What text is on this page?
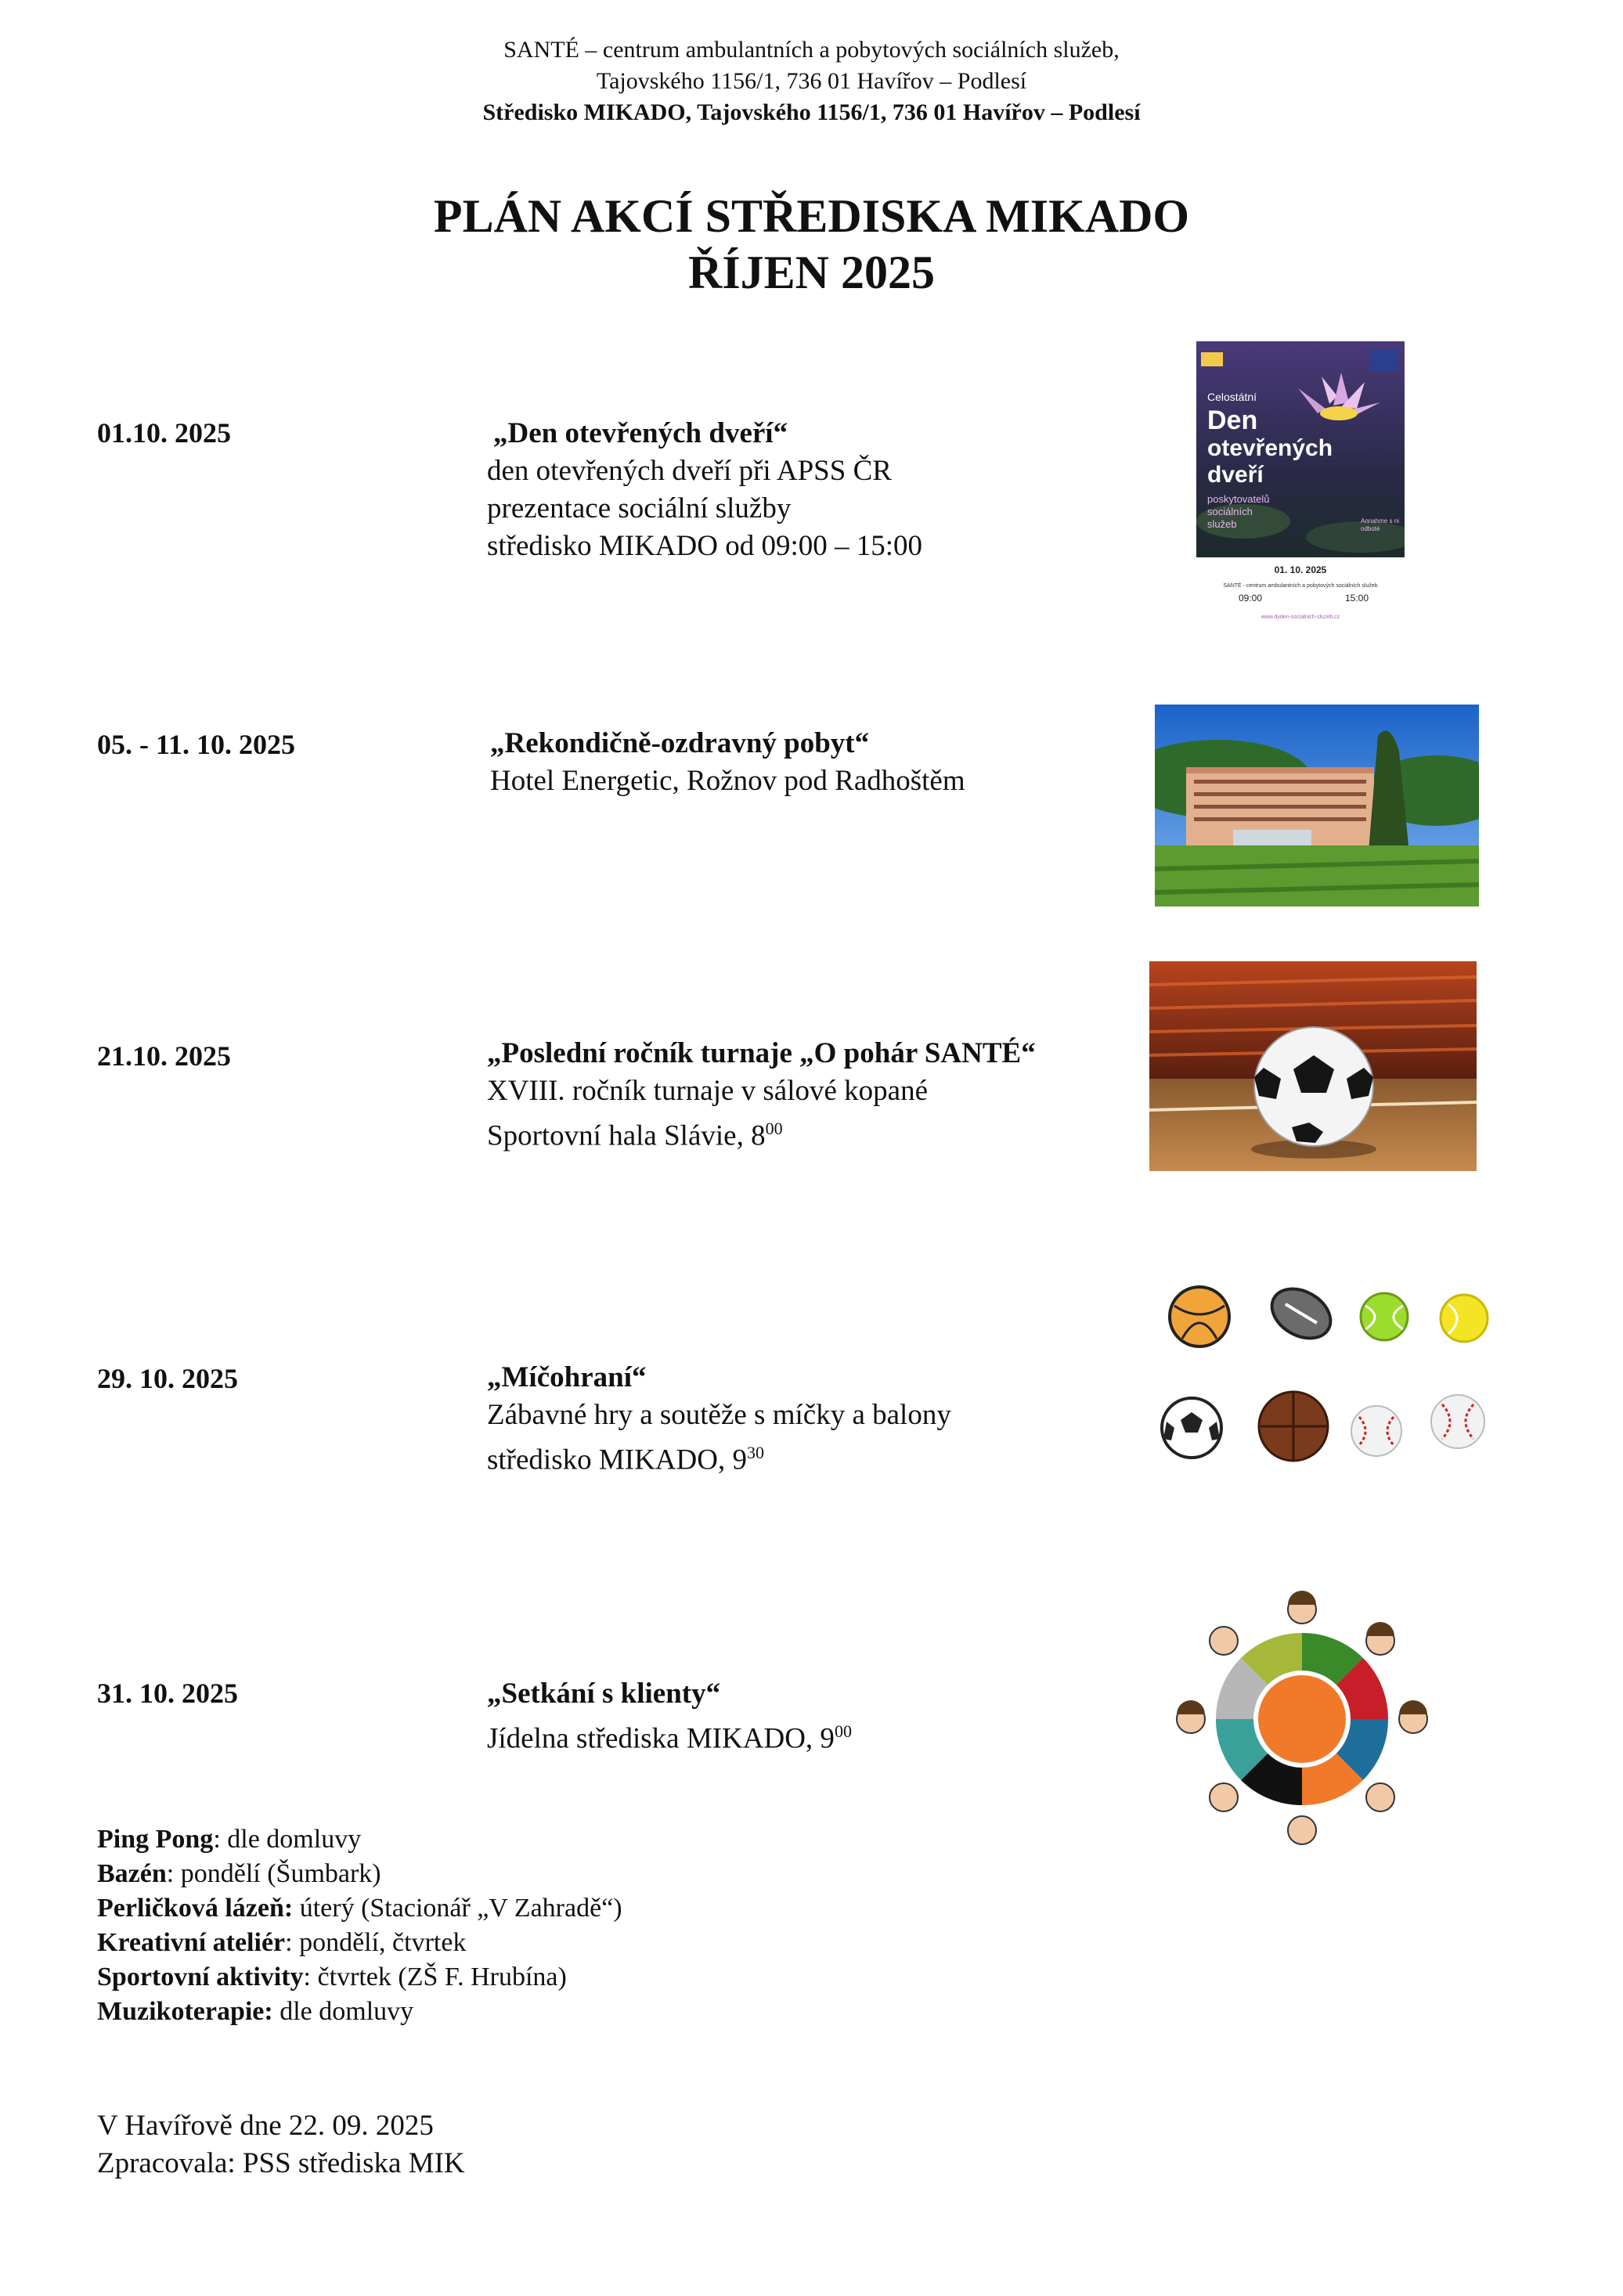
SANTÉ – centrum ambulantních a pobytových sociálních služeb,
Tajovského 1156/1, 736 01 Havířov – Podlesí
Středisko MIKADO, Tajovského 1156/1, 736 01 Havířov – Podlesí
PLÁN AKCÍ STŘEDISKA MIKADO
ŘÍJEN 2025
01.10. 2025	„Den otevřených dveří“
den otevřených dveří při APSS ČR
prezentace sociální služby
středisko MIKADO od 09:00 – 15:00
05. - 11. 10. 2025	„Rekondičně-ozdravný pobyt“
Hotel Energetic, Rožnov pod Radhoštěm
21.10. 2025	„Poslední ročník turnaje „O pohár SANTÉ“
XVIII. ročník turnaje v sálové kopané
Sportovní hala Slávie, $8^{00}$
29. 10. 2025	„Míčohraní“
Zábavné hry a soutěže s míčky a balony
středisko MIKADO, $9^{30}$
31. 10. 2025	„Setkání s klienty“
Jídelna střediska MIKADO, $9^{00}$
Celostátní
Den
otevřených
dveří
poskytovatelů
sociálních
služeb	Annahme s ni
odboté
01. 10. 2025
SANTÉ - centrum ambulantních a pobytových sociálních služeb
09:00	15:00
www.dyden-socialnich-sluzeb.cz
Ping Pong: dle domluvy
Bazén: pondělí (Šumbark)
Perličková lázeň: úterý (Stacionář „V Zahradě“)
Kreativní ateliér: pondělí, čtvrtek
Sportovní aktivity: čtvrtek (ZŠ F. Hrubína)
Muzikoterapie: dle domluvy
V Havířově dne 22. 09. 2025
Zpracovala: PSS střediska MIK
